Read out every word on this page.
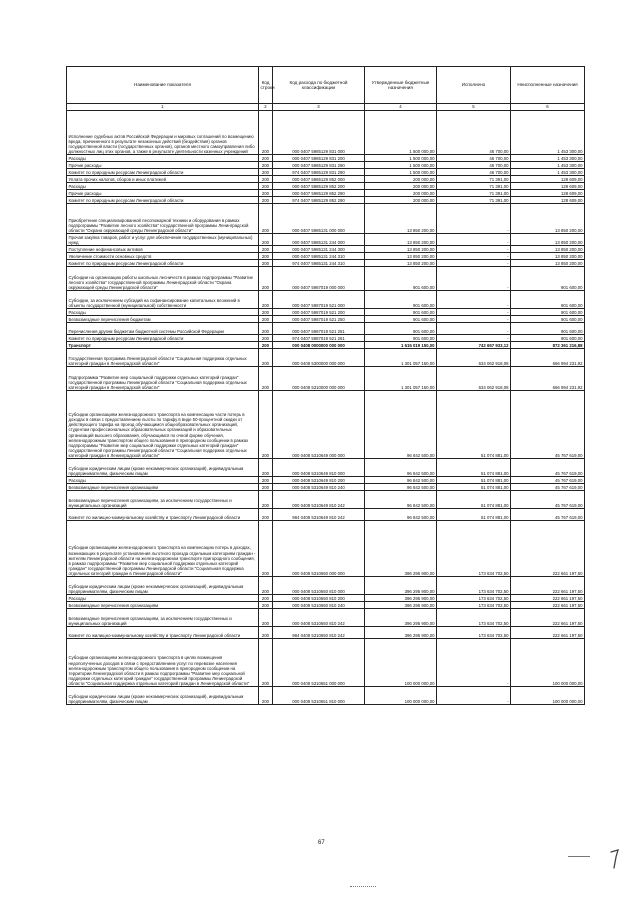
Наименование показателя	Код строки	Код расхода по бюджетной классификации	Утвержденные бюджетные назначения	Исполнено	Неисполненные назначения
1	2	3	4	5	6
Исполнение судебных актов Российской Федерации и мировых соглашений по возмещению вреда, причиненного в результате незаконных действий (бездействия) органов государственной власти (государственных органов), органов местного самоуправления либо должностных лиц этих органов, а также в результате деятельности казенных учреждений	200	000 0407 5985129 831 000	1 500 000,00	46 700,00	1 453 300,00
Расходы	200	000 0407 5985129 831 200	1 500 000,00	46 700,00	1 453 300,00
Прочие расходы	200	000 0407 5985129 831 290	1 500 000,00	46 700,00	1 453 300,00
Комитет по природным ресурсам Ленинградской области	200	974 0407 5985129 831 290	1 500 000,00	46 700,00	1 453 300,00
Уплата прочих налогов, сборов и иных платежей	200	000 0407 5985129 852 000	200 000,00	71 391,00	128 609,00
Расходы	200	000 0407 5985129 852 200	200 000,00	71 391,00	128 609,00
Прочие расходы	200	000 0407 5985129 852 290	200 000,00	71 391,00	128 609,00
Комитет по природным ресурсам Ленинградской области	200	974 0407 5985129 852 290	200 000,00	71 391,00	128 609,00
Приобретение специализированной лесопожарной техники и оборудования в рамках подпрограммы "Развитие лесного хозяйства" государственной программы Ленинградской области "Охрана окружающей среды Ленинградской области"	200	000 0407 5985131 000 000	13 850 200,00	-	13 850 200,00
Прочая закупка товаров, работ и услуг для обеспечения государственных (муниципальных) нужд	200	000 0407 5985131 244 000	13 850 200,00	-	13 850 200,00
Поступление нефинансовых активов	200	000 0407 5985131 244 300	13 850 200,00	-	13 850 200,00
Увеличение стоимости основных средств	200	000 0407 5985131 244 310	13 850 200,00	-	13 850 200,00
Комитет по природным ресурсам Ленинградской области	200	974 0407 5985131 244 310	13 850 200,00	-	13 850 200,00
Субсидии на организацию работы школьных лесничеств в рамках подпрограммы "Развитие лесного хозяйства" государственной программы Ленинградской области "Охрана окружающей среды Ленинградской области"	200	000 0407 5987019 000 000	901 600,00	-	901 600,00
Субсидии, за исключением субсидий на софинансирование капитальных вложений в объекты государственной (муниципальной) собственности	200	000 0407 5987019 521 000	901 600,00	-	901 600,00
Расходы	200	000 0407 5987019 521 200	901 600,00	-	901 600,00
Безвозмездные перечисления бюджетам	200	000 0407 5987019 521 250	901 600,00	-	901 600,00
Перечисления другим бюджетам бюджетной системы Российской Федерации	200	000 0407 5987019 521 251	901 600,00	-	901 600,00
Комитет по природным ресурсам Ленинградской области	200	974 0407 5987019 521 251	901 600,00	-	901 600,00
Транспорт	200	000 0408 0000000 000 000	1 615 019 150,00	742 657 933,12	872 361 216,88
Государственная программа Ленинградской области "Социальная поддержка отдельных категорий граждан в Ленинградской области"	200	000 0408 5300000 000 000	1 301 057 150,00	634 062 918,08	666 994 231,92
Подпрограмма "Развитие мер социальной поддержки отдельных категорий граждан" государственной программы Ленинградской области "Социальная поддержка отдельных категорий граждан в Ленинградской области"	200	000 0408 5310000 000 000	1 301 057 150,00	634 062 918,08	666 994 231,92
Субсидии организациям железнодорожного транспорта на компенсацию части потерь в доходах в связи с предоставлением льготы по тарифу в виде 50-процентной скидки от действующего тарифа на проезд обучающимся общеобразовательных организаций, студентам профессиональных образовательных организаций и образовательных организаций высшего образования, обучающимся по очной форме обучения, железнодорожным транспортом общего пользования в пригородном сообщении в рамках подпрограммы "Развитие мер социальной поддержки отдельных категорий граждан" государственной программы Ленинградской области "Социальная поддержка отдельных категорий граждан в Ленинградской области"	200	000 0408 5310649 000 000	96 842 500,00	51 074 881,00	45 767 619,00
Субсидии юридическим лицам (кроме некоммерческих организаций), индивидуальным предпринимателям, физическим лицам	200	000 0408 5310649 810 000	96 842 500,00	51 074 881,00	45 767 619,00
Расходы	200	000 0408 5310649 810 200	96 842 500,00	51 074 881,00	45 767 619,00
Безвозмездные перечисления организациям	200	000 0408 5310649 810 240	96 842 500,00	51 074 881,00	45 767 619,00
Безвозмездные перечисления организациям, за исключением государственных и муниципальных организаций	200	000 0408 5310649 810 242	96 842 500,00	51 074 881,00	45 767 619,00
Комитет по жилищно-коммунальному хозяйству и транспорту Ленинградской области	200	984 0408 5310649 810 242	96 842 500,00	51 074 881,00	45 767 619,00
Субсидии организациям железнодорожного транспорта на компенсацию потерь в доходах, возникающих в результате установления льготного проезда отдельным категориям граждан - жителям Ленинградской области на железнодорожном транспорте пригородного сообщения, в рамках подпрограммы "Развитие мер социальной поддержки отдельных категорий граждан" государственной программы Ленинградской области "Социальная поддержка отдельных категорий граждан в Ленинградской области"	200	000 0408 5310650 000 000	396 295 900,00	173 634 702,50	222 661 197,50
Субсидии юридическим лицам (кроме некоммерческих организаций), индивидуальным предпринимателям, физическим лицам	200	000 0408 5310650 810 000	396 295 900,00	173 634 702,50	222 661 197,50
Расходы	200	000 0408 5310650 810 200	396 295 900,00	173 634 702,50	222 661 197,50
Безвозмездные перечисления организациям	200	000 0408 5310650 810 240	396 295 900,00	173 634 702,50	222 661 197,50
Безвозмездные перечисления организациям, за исключением государственных и муниципальных организаций	200	000 0408 5310650 810 242	396 295 900,00	173 634 702,50	222 661 197,50
Комитет по жилищно-коммунальному хозяйству и транспорту Ленинградской области	200	984 0408 5310650 810 242	396 295 900,00	173 634 702,50	222 661 197,50
Субсидии организациям железнодорожного транспорта в целях возмещения недополученных доходов в связи с предоставлением услуг по перевозке населения железнодорожным транспортом общего пользования в пригородном сообщении на территории Ленинградской области в рамках подпрограммы "Развитие мер социальной поддержки отдельных категорий граждан" государственной программы Ленинградской области "Социальная поддержка отдельных категорий граждан в Ленинградской области"	200	000 0408 5310651 000 000	100 000 000,00	-	100 000 000,00
Субсидии юридическим лицам (кроме некоммерческих организаций), индивидуальным предпринимателям, физическим лицам	200	000 0408 5310651 810 000	100 000 000,00	-	100 000 000,00
67
